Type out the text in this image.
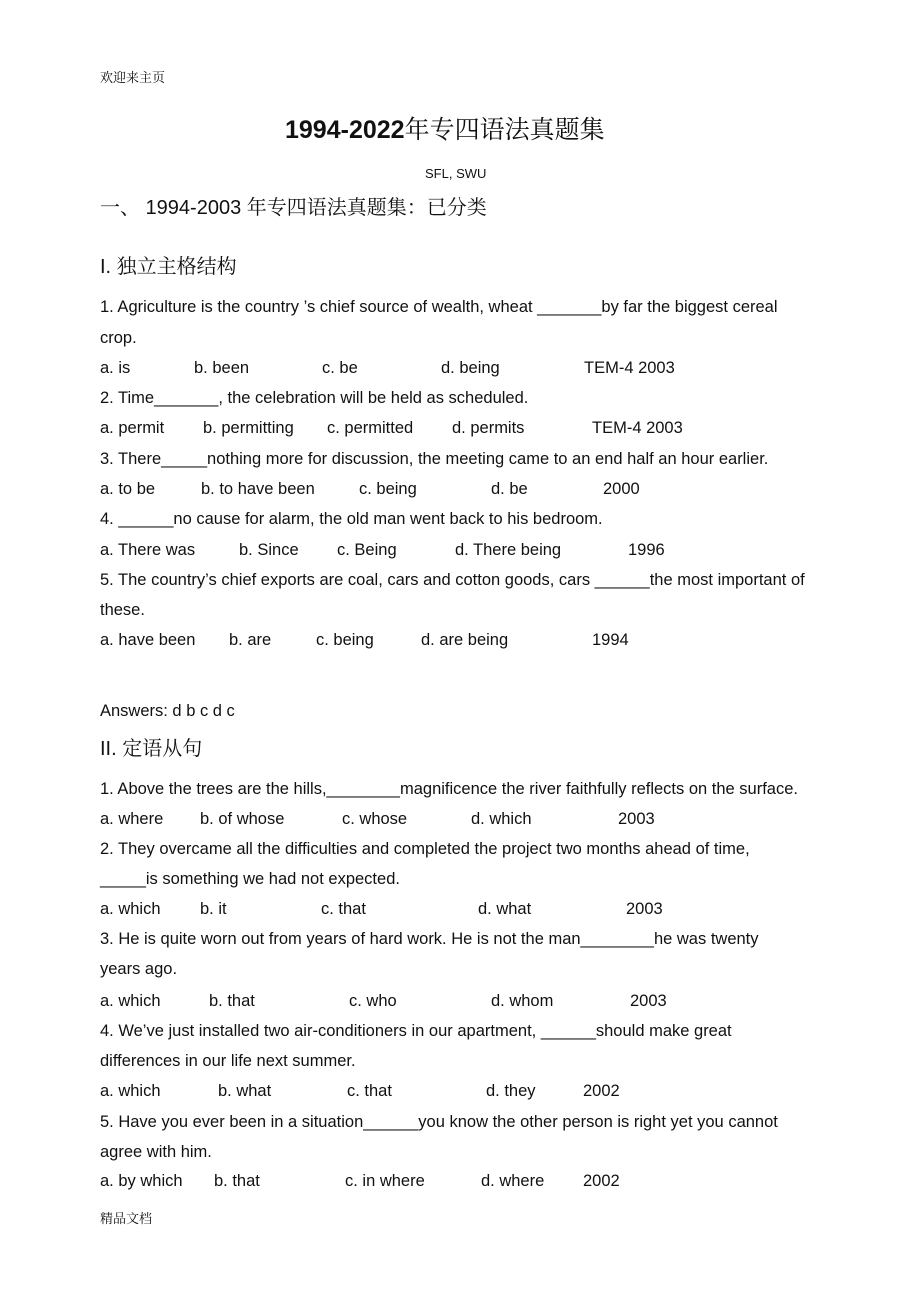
欢迎来主页
1994-2022年专四语法真题集
SFL, SWU
一、 1994-2003 年专四语法真题集：已分类
I. 独立主格结构
精品文档
1. Agriculture is the country ’s chief source of wealth, wheat _______by far the biggest cereal
crop.
a. is	b. been	c. be	d. being	TEM-4 2003
2. Time_______, the celebration will be held as scheduled.
a. permit b. permitting c. permitted d. permits	TEM-4 2003
3. There_____nothing more for discussion, the meeting came to an end half an hour earlier.
a. to be	b. to have been	c. being	d. be	2000
4. ______no cause for alarm, the old man went back to his bedroom.
a. There was	b. Since c. Being	d. There being	1996
5. The country’s chief exports are coal, cars and cotton goods, cars ______the most important of
these.
a. have been b. are	c. being	d. are being	1994
Answers: d b c d c
II. 定语从句
1. Above the trees are the hills,________magnificence the river faithfully reflects on the surface.
a. where b. of whose	c. whose	d. which	2003
2. They overcame all the difficulties and completed the project two months ahead of time,
_____is something we had not expected.
a. which b. it	c. that	d. what	2003
3. He is quite worn out from years of hard work. He is not the man________he was twenty
years ago.
a. which	b. that	c. who	d. whom	2003
4. We’ve just installed two air-conditioners in our apartment, ______should make great
differences in our life next summer.
a. which	b. what	c. that	d. they	2002
5. Have you ever been in a situation______you know the other person is right yet you cannot
agree with him.
a. by which b. that	c. in where	d. where 2002
